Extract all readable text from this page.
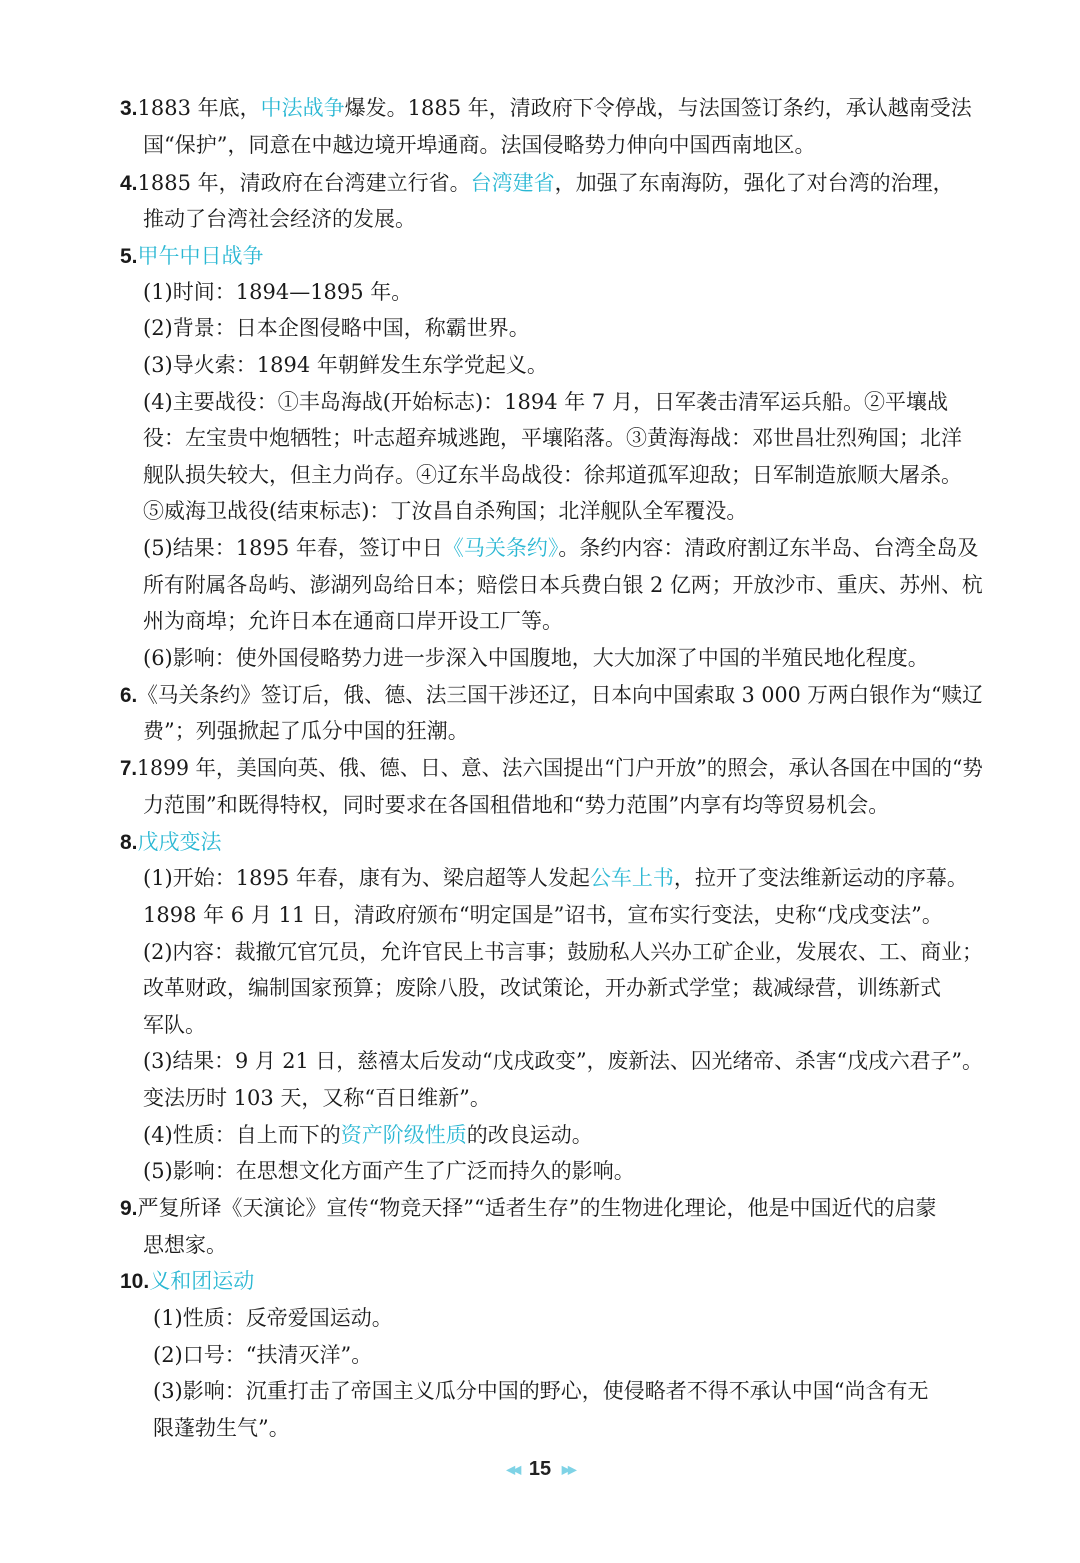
3.1883 年底，中法战争爆发。1885 年，清政府下令停战，与法国签订条约，承认越南受法
国“保护”，同意在中越边境开埠通商。法国侵略势力伸向中国西南地区。
4.1885 年，清政府在台湾建立行省。台湾建省，加强了东南海防，强化了对台湾的治理，
推动了台湾社会经济的发展。
5.甲午中日战争
(1)时间：1894—1895 年。
(2)背景：日本企图侵略中国，称霸世界。
(3)导火索：1894 年朝鲜发生东学党起义。
(4)主要战役：①丰岛海战(开始标志)：1894 年 7 月，日军袭击清军运兵船。②平壤战
役：左宝贵中炮牺牲；叶志超弃城逃跑，平壤陷落。③黄海海战：邓世昌壮烈殉国；北洋
舰队损失较大，但主力尚存。④辽东半岛战役：徐邦道孤军迎敌；日军制造旅顺大屠杀。
⑤威海卫战役(结束标志)：丁汝昌自杀殉国；北洋舰队全军覆没。
(5)结果：1895 年春，签订中日《马关条约》。条约内容：清政府割辽东半岛、台湾全岛及
所有附属各岛屿、澎湖列岛给日本；赔偿日本兵费白银 2 亿两；开放沙市、重庆、苏州、杭
州为商埠；允许日本在通商口岸开设工厂等。
(6)影响：使外国侵略势力进一步深入中国腹地，大大加深了中国的半殖民地化程度。
6.《马关条约》签订后，俄、德、法三国干涉还辽，日本向中国索取 3 000 万两白银作为“赎辽
费”；列强掀起了瓜分中国的狂潮。
7.1899 年，美国向英、俄、德、日、意、法六国提出“门户开放”的照会，承认各国在中国的“势
力范围”和既得特权，同时要求在各国租借地和“势力范围”内享有均等贸易机会。
8.戊戌变法
(1)开始：1895 年春，康有为、梁启超等人发起公车上书，拉开了变法维新运动的序幕。
1898 年 6 月 11 日，清政府颁布“明定国是”诏书，宣布实行变法，史称“戊戌变法”。
(2)内容：裁撤冗官冗员，允许官民上书言事；鼓励私人兴办工矿企业，发展农、工、商业；
改革财政，编制国家预算；废除八股，改试策论，开办新式学堂；裁减绿营，训练新式
军队。
(3)结果：9 月 21 日，慈禧太后发动“戊戌政变”，废新法、囚光绪帝、杀害“戊戌六君子”。
变法历时 103 天，又称“百日维新”。
(4)性质：自上而下的资产阶级性质的改良运动。
(5)影响：在思想文化方面产生了广泛而持久的影响。
9.严复所译《天演论》宣传“物竞天择”“适者生存”的生物进化理论，他是中国近代的启蒙
思想家。
10.义和团运动
(1)性质：反帝爱国运动。
(2)口号：“扶清灭洋”。
(3)影响：沉重打击了帝国主义瓜分中国的野心，使侵略者不得不承认中国“尚含有无
限蓬勃生气”。
◀◀ 15 ▶▶
